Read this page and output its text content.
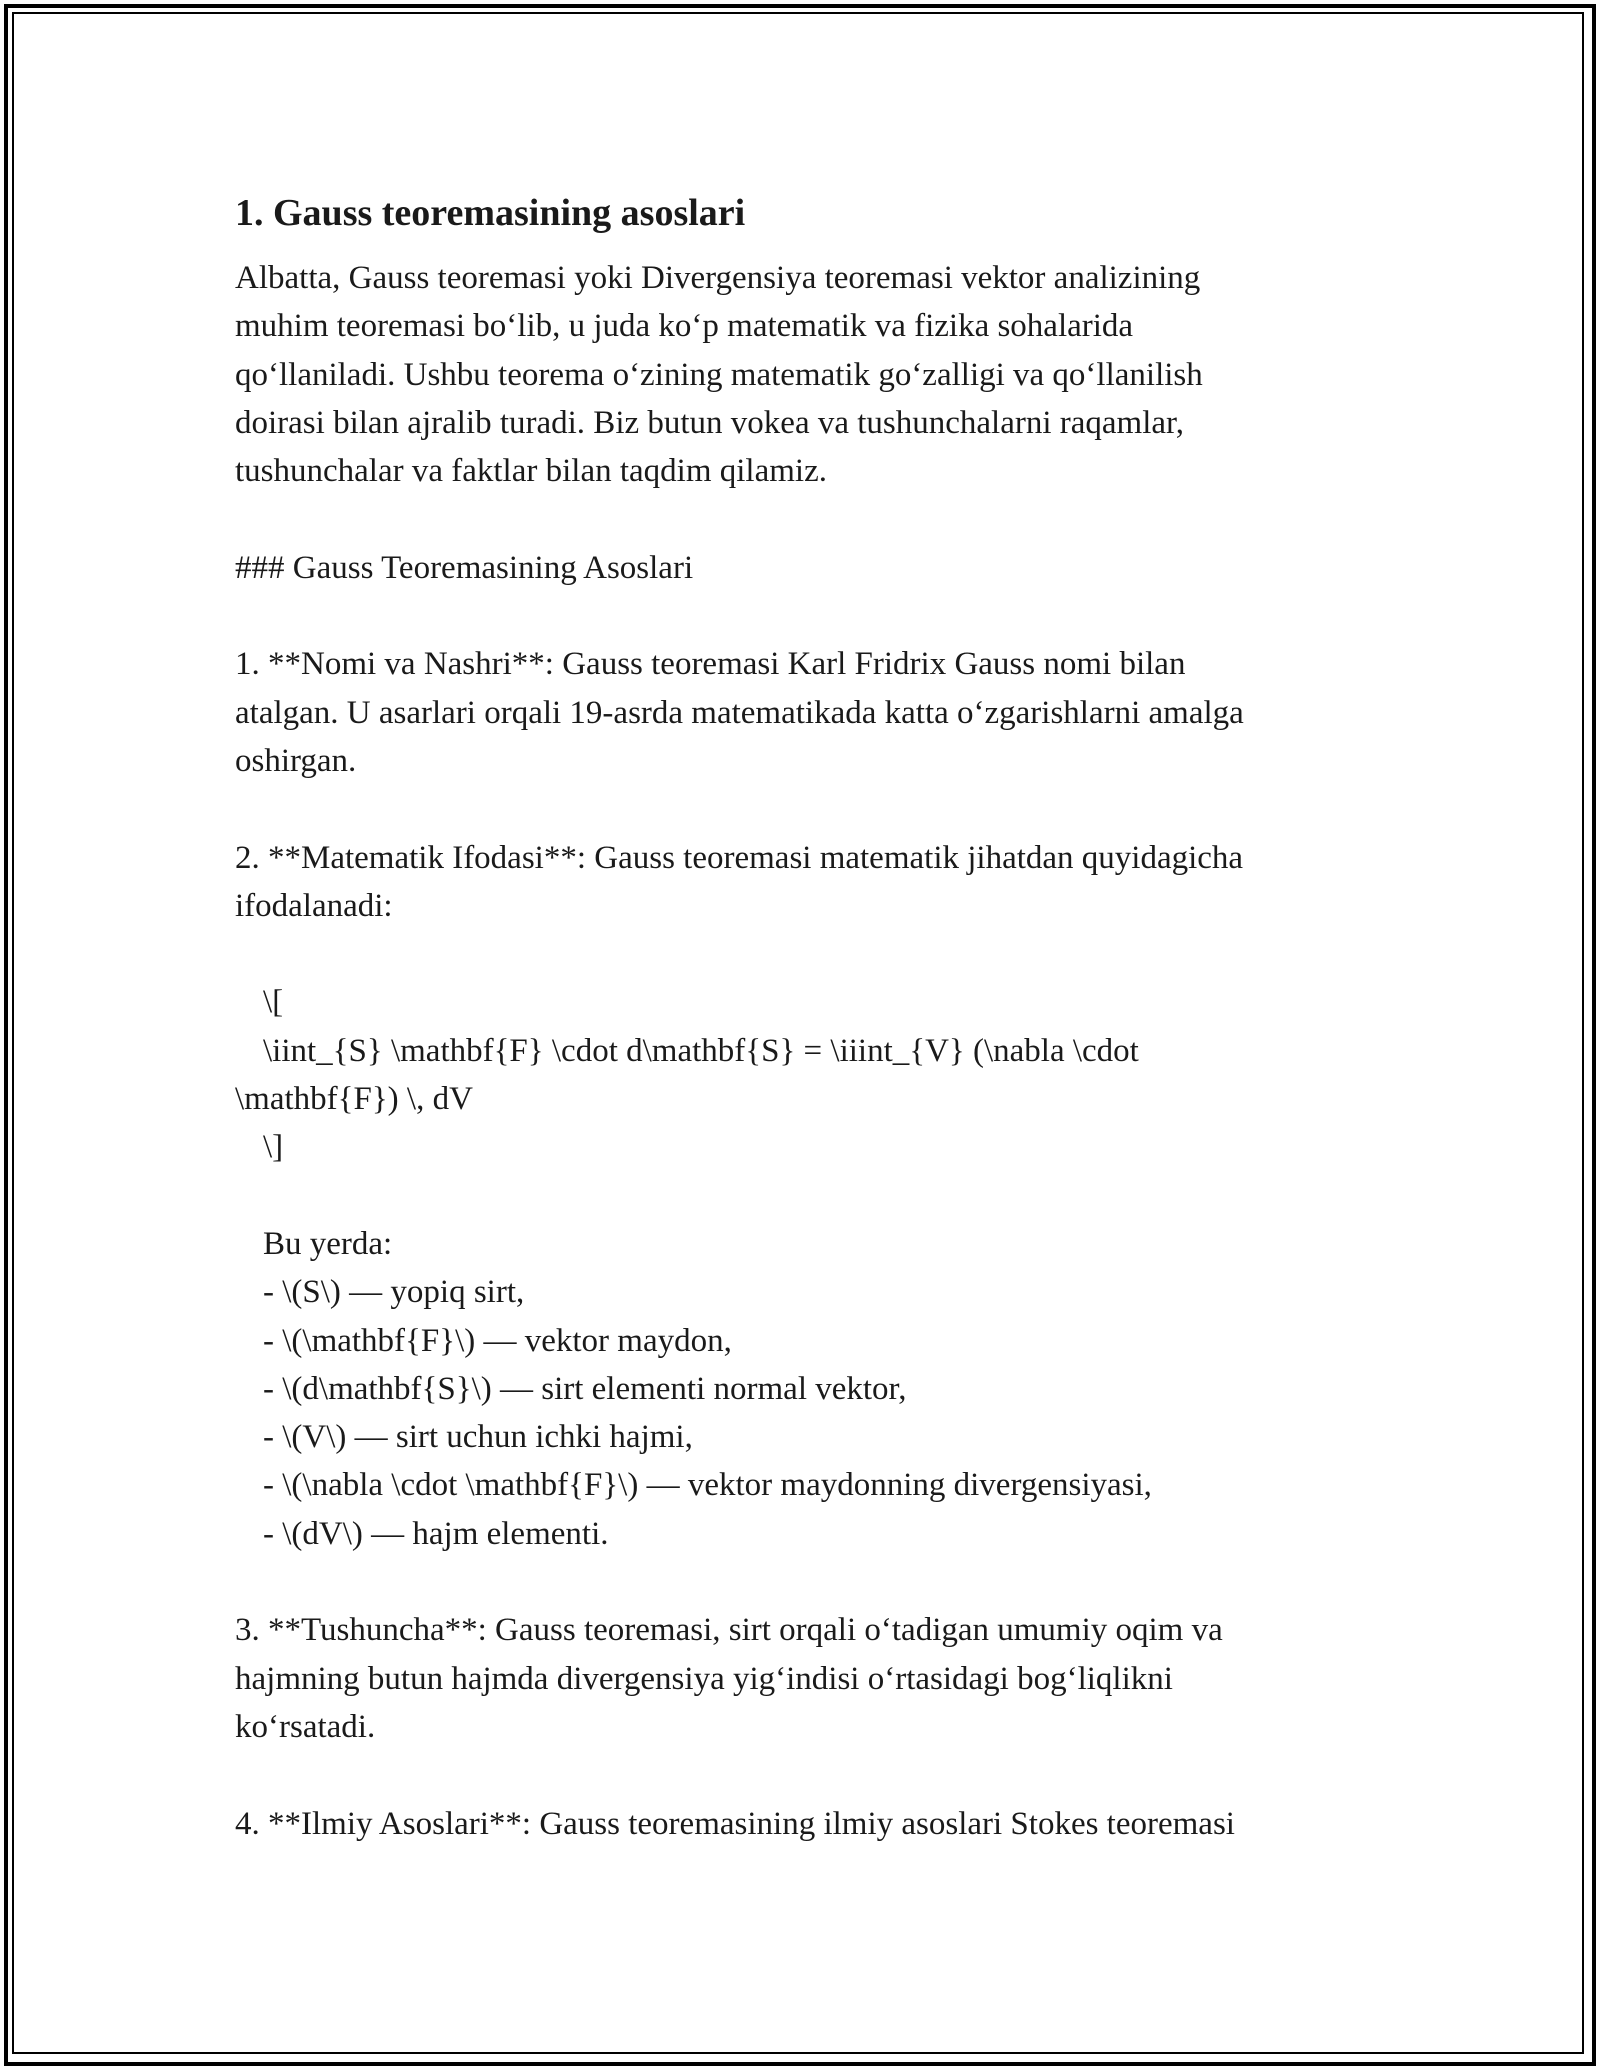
1. Gauss teoremasining asoslari
Albatta, Gauss teoremasi yoki Divergensiya teoremasi vektor analizining
muhim teoremasi bo‘lib, u juda ko‘p matematik va fizika sohalarida
qo‘llaniladi. Ushbu teorema o‘zining matematik go‘zalligi va qo‘llanilish
doirasi bilan ajralib turadi. Biz butun vokea va tushunchalarni raqamlar,
tushunchalar va faktlar bilan taqdim qilamiz.
### Gauss Teoremasining Asoslari
1. **Nomi va Nashri**: Gauss teoremasi Karl Fridrix Gauss nomi bilan
atalgan. U asarlari orqali 19-asrda matematikada katta o‘zgarishlarni amalga
oshirgan.
2. **Matematik Ifodasi**: Gauss teoremasi matematik jihatdan quyidagicha
ifodalanadi:
\[
\iint_{S} \mathbf{F} \cdot d\mathbf{S} = \iiint_{V} (\nabla \cdot
\mathbf{F}) \, dV
\]
Bu yerda:
- \(S\) — yopiq sirt,
- \(\mathbf{F}\) — vektor maydon,
- \(d\mathbf{S}\) — sirt elementi normal vektor,
- \(V\) — sirt uchun ichki hajmi,
- \(\nabla \cdot \mathbf{F}\) — vektor maydonning divergensiyasi,
- \(dV\) — hajm elementi.
3. **Tushuncha**: Gauss teoremasi, sirt orqali o‘tadigan umumiy oqim va
hajmning butun hajmda divergensiya yig‘indisi o‘rtasidagi bog‘liqlikni
ko‘rsatadi.
4. **Ilmiy Asoslari**: Gauss teoremasining ilmiy asoslari Stokes teoremasi
